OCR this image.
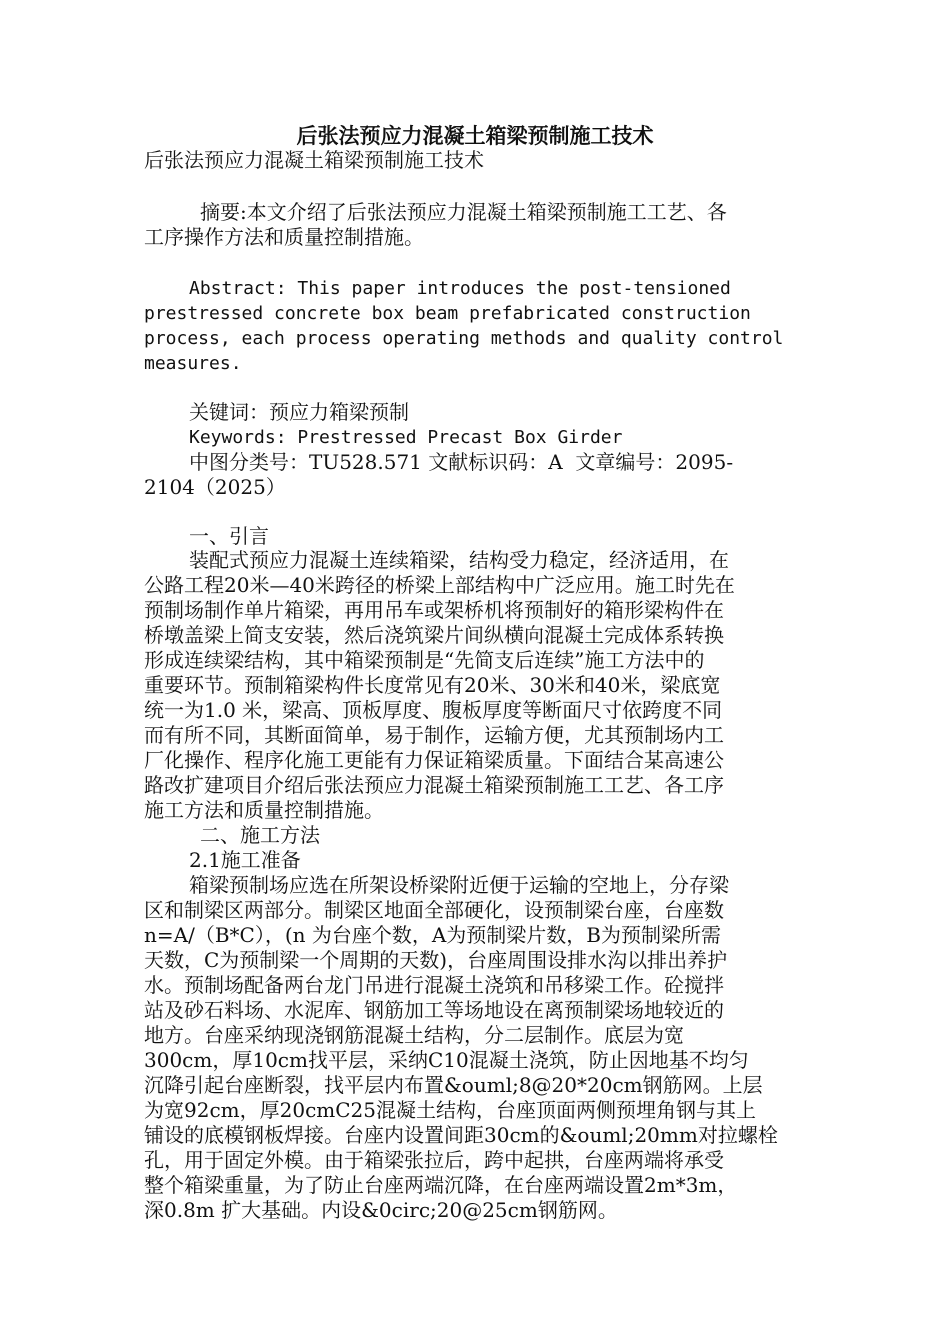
后张法预应力混凝土箱梁预制施工技术
后张法预应力混凝土箱梁预制施工技术
摘要:本文介绍了后张法预应力混凝土箱梁预制施工工艺、各
工序操作方法和质量控制措施。
Abstract: This paper introduces the post-tensioned
prestressed concrete box beam prefabricated construction
process, each process operating methods and quality control
measures.
关键词：预应力箱梁预制
Keywords: Prestressed Precast Box Girder
中图分类号：TU528.571 文献标识码：A  文章编号：2095-
2104（2025）
一、引言
装配式预应力混凝土连续箱梁，结构受力稳定，经济适用，在
公路工程20米—40米跨径的桥梁上部结构中广泛应用。施工时先在
预制场制作单片箱梁，再用吊车或架桥机将预制好的箱形梁构件在
桥墩盖梁上简支安装，然后浇筑梁片间纵横向混凝土完成体系转换
形成连续梁结构，其中箱梁预制是“先简支后连续”施工方法中的
重要环节。预制箱梁构件长度常见有20米、30米和40米，梁底宽
统一为1.0 米，梁高、顶板厚度、腹板厚度等断面尺寸依跨度不同
而有所不同，其断面简单，易于制作，运输方便，尤其预制场内工
厂化操作、程序化施工更能有力保证箱梁质量。下面结合某高速公
路改扩建项目介绍后张法预应力混凝土箱梁预制施工工艺、各工序
施工方法和质量控制措施。
二、施工方法
2.1施工准备
箱梁预制场应选在所架设桥梁附近便于运输的空地上，分存梁
区和制梁区两部分。制梁区地面全部硬化，设预制梁台座，台座数
n=A/（B*C），(n 为台座个数，A为预制梁片数，B为预制梁所需
天数，C为预制梁一个周期的天数)，台座周围设排水沟以排出养护
水。预制场配备两台龙门吊进行混凝土浇筑和吊移梁工作。砼搅拌
站及砂石料场、水泥库、钢筋加工等场地设在离预制梁场地较近的
地方。台座采纳现浇钢筋混凝土结构，分二层制作。底层为宽
300cm，厚10cm找平层，采纳C10混凝土浇筑，防止因地基不均匀
沉降引起台座断裂，找平层内布置&ouml;8@20*20cm钢筋网。上层
为宽92cm，厚20cmC25混凝土结构，台座顶面两侧预埋角钢与其上
铺设的底模钢板焊接。台座内设置间距30cm的&ouml;20mm对拉螺栓
孔，用于固定外模。由于箱梁张拉后，跨中起拱，台座两端将承受
整个箱梁重量，为了防止台座两端沉降，在台座两端设置2m*3m，
深0.8m 扩大基础。内设&0circ;20@25cm钢筋网。
